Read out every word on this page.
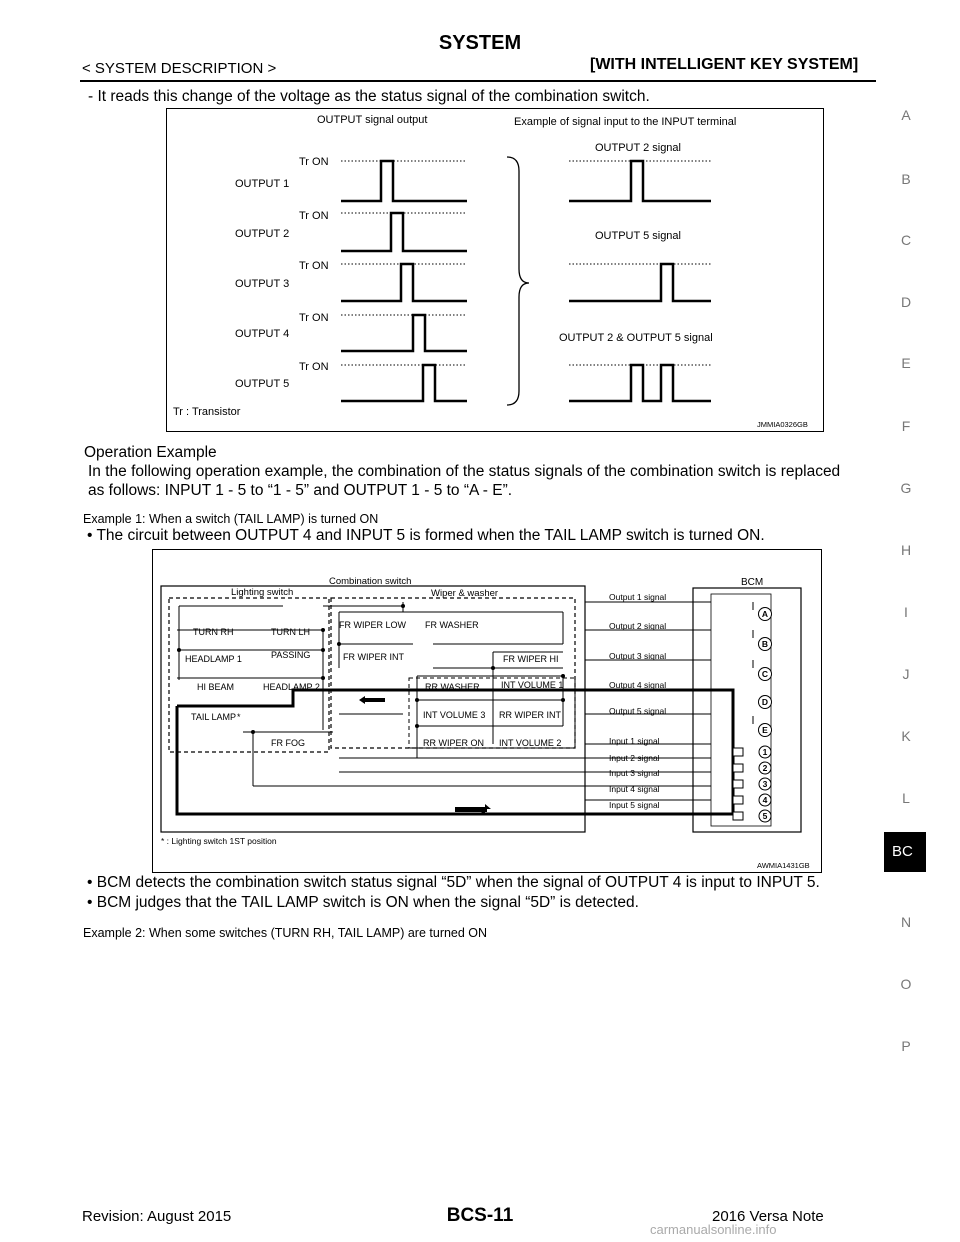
SYSTEM
< SYSTEM DESCRIPTION >	[WITH INTELLIGENT KEY SYSTEM]
- It reads this change of the voltage as the status signal of the combination switch.
OUTPUT signal output	Example of signal input to the INPUT terminal
Tr ON
OUTPUT 1
Tr ON
OUTPUT 2
Tr ON
OUTPUT 3
Tr ON
OUTPUT 4
Tr ON
OUTPUT 5
OUTPUT 2 signal
OUTPUT 5 signal
OUTPUT 2 & OUTPUT 5 signal
Tr : Transistor
JMMIA0326GB
Operation Example
In the following operation example, the combination of the status signals of the combination switch is replaced
as follows: INPUT 1 - 5 to “1 - 5” and OUTPUT 1 - 5 to “A - E”.
Example 1: When a switch (TAIL LAMP) is turned ON
• The circuit between OUTPUT 4 and INPUT 5 is formed when the TAIL LAMP switch is turned ON.
Combination switch
Lighting switch	Wiper & washer
BCM
TURN RH	TURN LH
HEADLAMP 1	PASSING
HI BEAM	HEADLAMP 2
TAIL LAMP *
FR FOG
FR WIPER LOW FR WASHER
FR WIPER INT	FR WIPER HI
RR WASHER INT VOLUME 1
INT VOLUME 3 RR WIPER INT
RR WIPER ON INT VOLUME 2
Output 1 signal
Output 2 signal
Output 3 signal
Output 4 signal
Output 5 signal
Input 1 signal
Input 2 signal
Input 3 signal
Input 4 signal
Input 5 signal
A
B
C
D
E
1
2
3
4
5
* : Lighting switch 1ST position
AWMIA1431GB
• BCM detects the combination switch status signal “5D” when the signal of OUTPUT 4 is input to INPUT 5.
• BCM judges that the TAIL LAMP switch is ON when the signal “5D” is detected.
Example 2: When some switches (TURN RH, TAIL LAMP) are turned ON
A
B
C
D
E
F
G
H
I
J
K
L
N
O
P
BC
Revision: August 2015	BCS-11	2016 Versa Note
carmanualsonline.info
